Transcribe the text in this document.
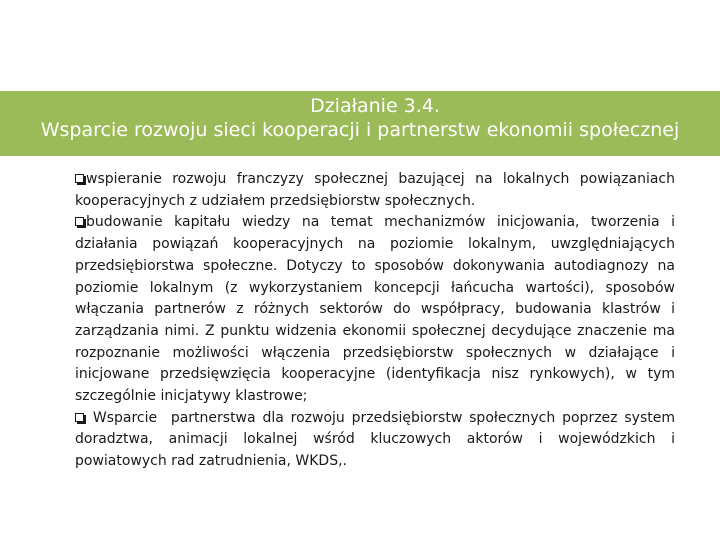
Działanie 3.4.
Wsparcie rozwoju sieci kooperacji i partnerstw ekonomii społecznej

wspieranie rozwoju franczyzy społecznej bazującej na lokalnych powiązaniach kooperacyjnych z udziałem przedsiębiorstw społecznych.

budowanie kapitału wiedzy na temat mechanizmów inicjowania, tworzenia i działania powiązań kooperacyjnych na poziomie lokalnym, uwzględniających przedsiębiorstwa społeczne. Dotyczy to sposobów dokonywania autodiagnozy na poziomie lokalnym (z wykorzystaniem koncepcji łańcucha wartości), sposobów włączania partnerów z różnych sektorów do współpracy, budowania klastrów i zarządzania nimi. Z punktu widzenia ekonomii społecznej decydujące znaczenie ma rozpoznanie możliwości włączenia przedsiębiorstw społecznych w działające i inicjowane przedsięwzięcia kooperacyjne (identyfikacja nisz rynkowych), w tym szczególnie inicjatywy klastrowe;

Wsparcie  partnerstwa dla rozwoju przedsiębiorstw społecznych poprzez system doradztwa, animacji lokalnej wśród kluczowych aktorów i wojewódzkich i powiatowych rad zatrudnienia, WKDS,.
